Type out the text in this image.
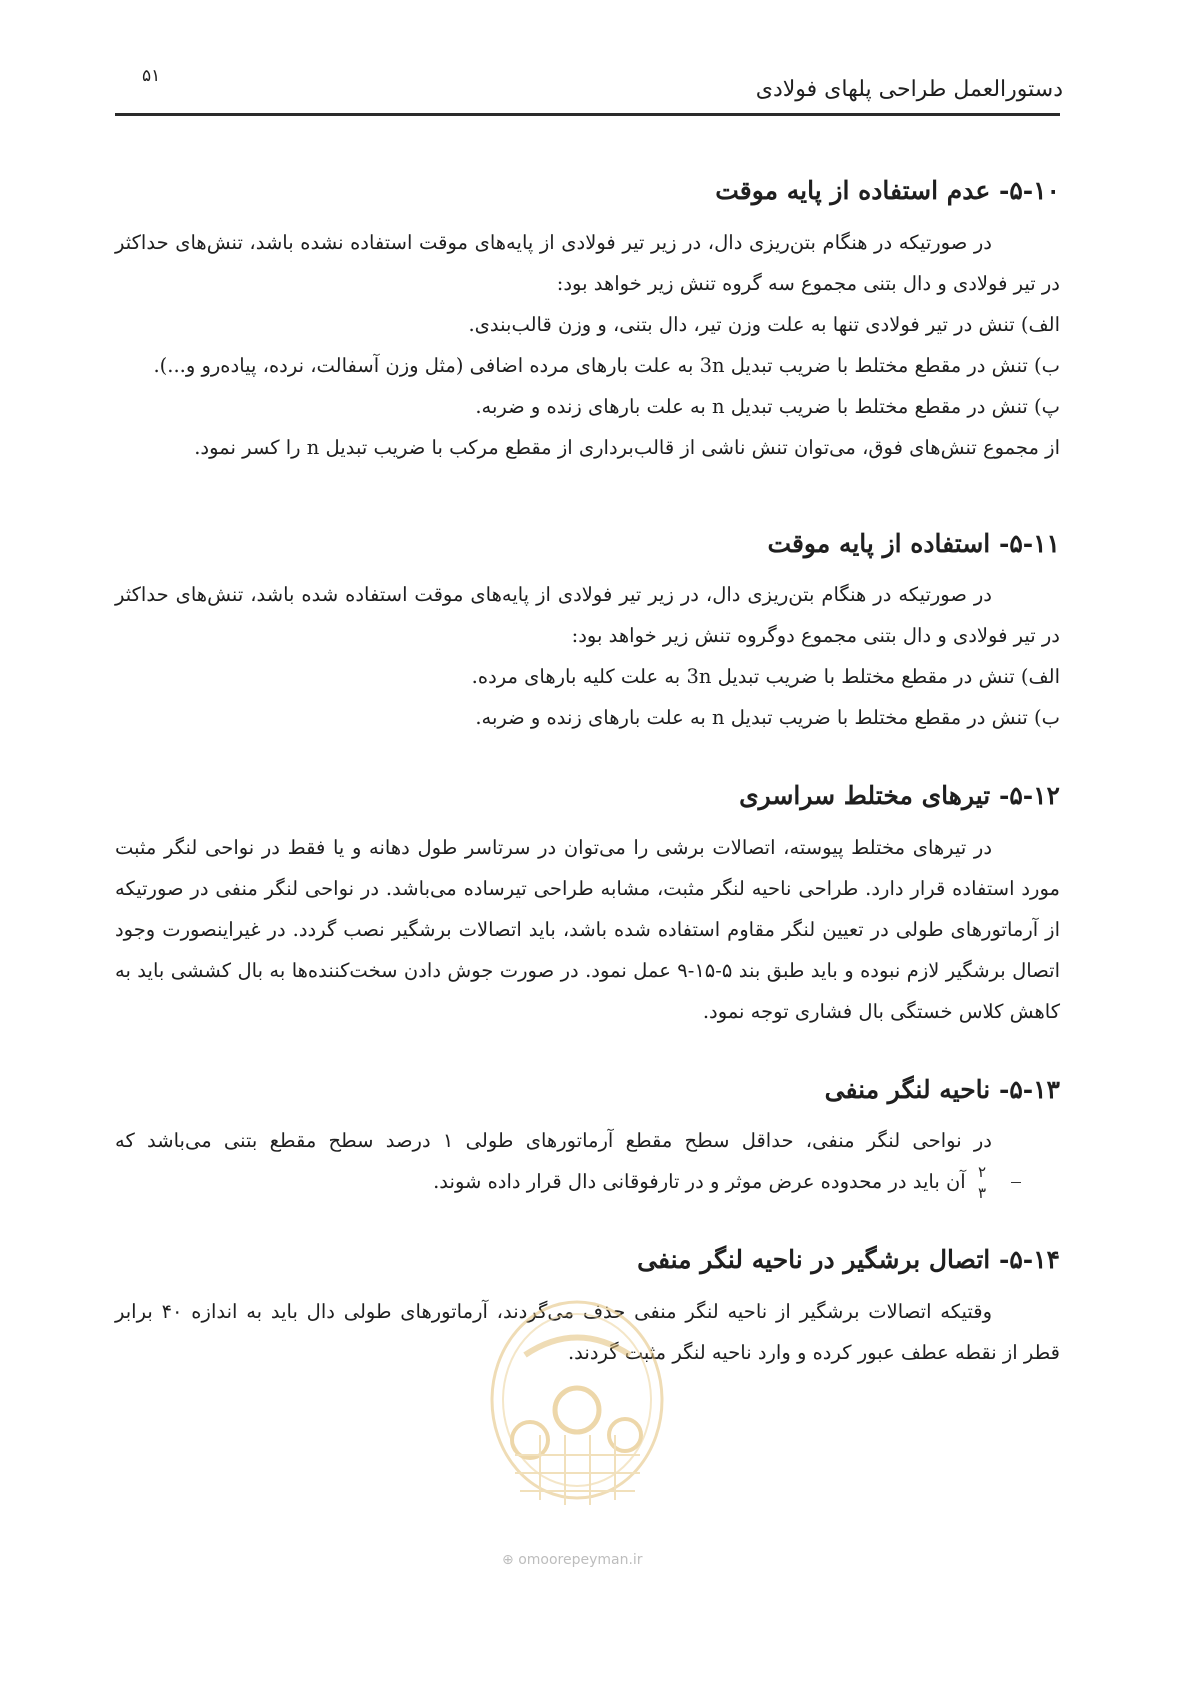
۵۱
دستورالعمل طراحی پلهای فولادی
۵-۱۰- عدم استفاده از پایه موقت

در صورتیکه در هنگام بتن‌ریزی دال، در زیر تیر فولادی از پایه‌های موقت استفاده نشده باشد، تنش‌های حداکثر در تیر فولادی و دال بتنی مجموع سه گروه تنش زیر خواهد بود:

الف) تنش در تیر فولادی تنها به علت وزن تیر، دال بتنی، و وزن قالب‌بندی.

ب) تنش در مقطع مختلط با ضریب تبدیل 3n به علت بارهای مرده اضافی (مثل وزن آسفالت، نرده، پیاده‌رو و...).

پ) تنش در مقطع مختلط با ضریب تبدیل n به علت بارهای زنده و ضربه.

از مجموع تنش‌های فوق، می‌توان تنش ناشی از قالب‌برداری از مقطع مرکب با ضریب تبدیل n را کسر نمود.

۵-۱۱- استفاده از پایه موقت

در صورتیکه در هنگام بتن‌ریزی دال، در زیر تیر فولادی از پایه‌های موقت استفاده شده باشد، تنش‌های حداکثر در تیر فولادی و دال بتنی مجموع دوگروه تنش زیر خواهد بود:

الف) تنش در مقطع مختلط با ضریب تبدیل 3n به علت کلیه بارهای مرده.

ب) تنش در مقطع مختلط با ضریب تبدیل n به علت بارهای زنده و ضربه.

۵-۱۲- تیرهای مختلط سراسری

در تیرهای مختلط پیوسته، اتصالات برشی را می‌توان در سرتاسر طول دهانه و یا فقط در نواحی لنگر مثبت مورد استفاده قرار دارد. طراحی ناحیه لنگر مثبت، مشابه طراحی تیرساده می‌باشد. در نواحی لنگر منفی در صورتیکه از آرماتورهای طولی در تعیین لنگر مقاوم استفاده شده باشد، باید اتصالات برشگیر نصب گردد. در غیراینصورت وجود اتصال برشگیر لازم نبوده و باید طبق بند ۵-۱۵-۹ عمل نمود. در صورت جوش دادن سخت‌کننده‌ها به بال کششی باید به کاهش کلاس خستگی بال فشاری توجه نمود.

۵-۱۳- ناحیه لنگر منفی

در نواحی لنگر منفی، حداقل سطح مقطع آرماتورهای طولی ۱ درصد سطح مقطع بتنی می‌باشد که
$\frac{۲}{۳}$
آن باید در محدوده عرض موثر و در تارفوقانی دال قرار داده شوند.

۵-۱۴- اتصال برشگیر در ناحیه لنگر منفی

وقتیکه اتصالات برشگیر از ناحیه لنگر منفی حذف می‌گردند، آرماتورهای طولی دال باید به اندازه ۴۰ برابر قطر از نقطه عطف عبور کرده و وارد ناحیه لنگر مثبت گردند.

⊕ omoorepeyman.ir
